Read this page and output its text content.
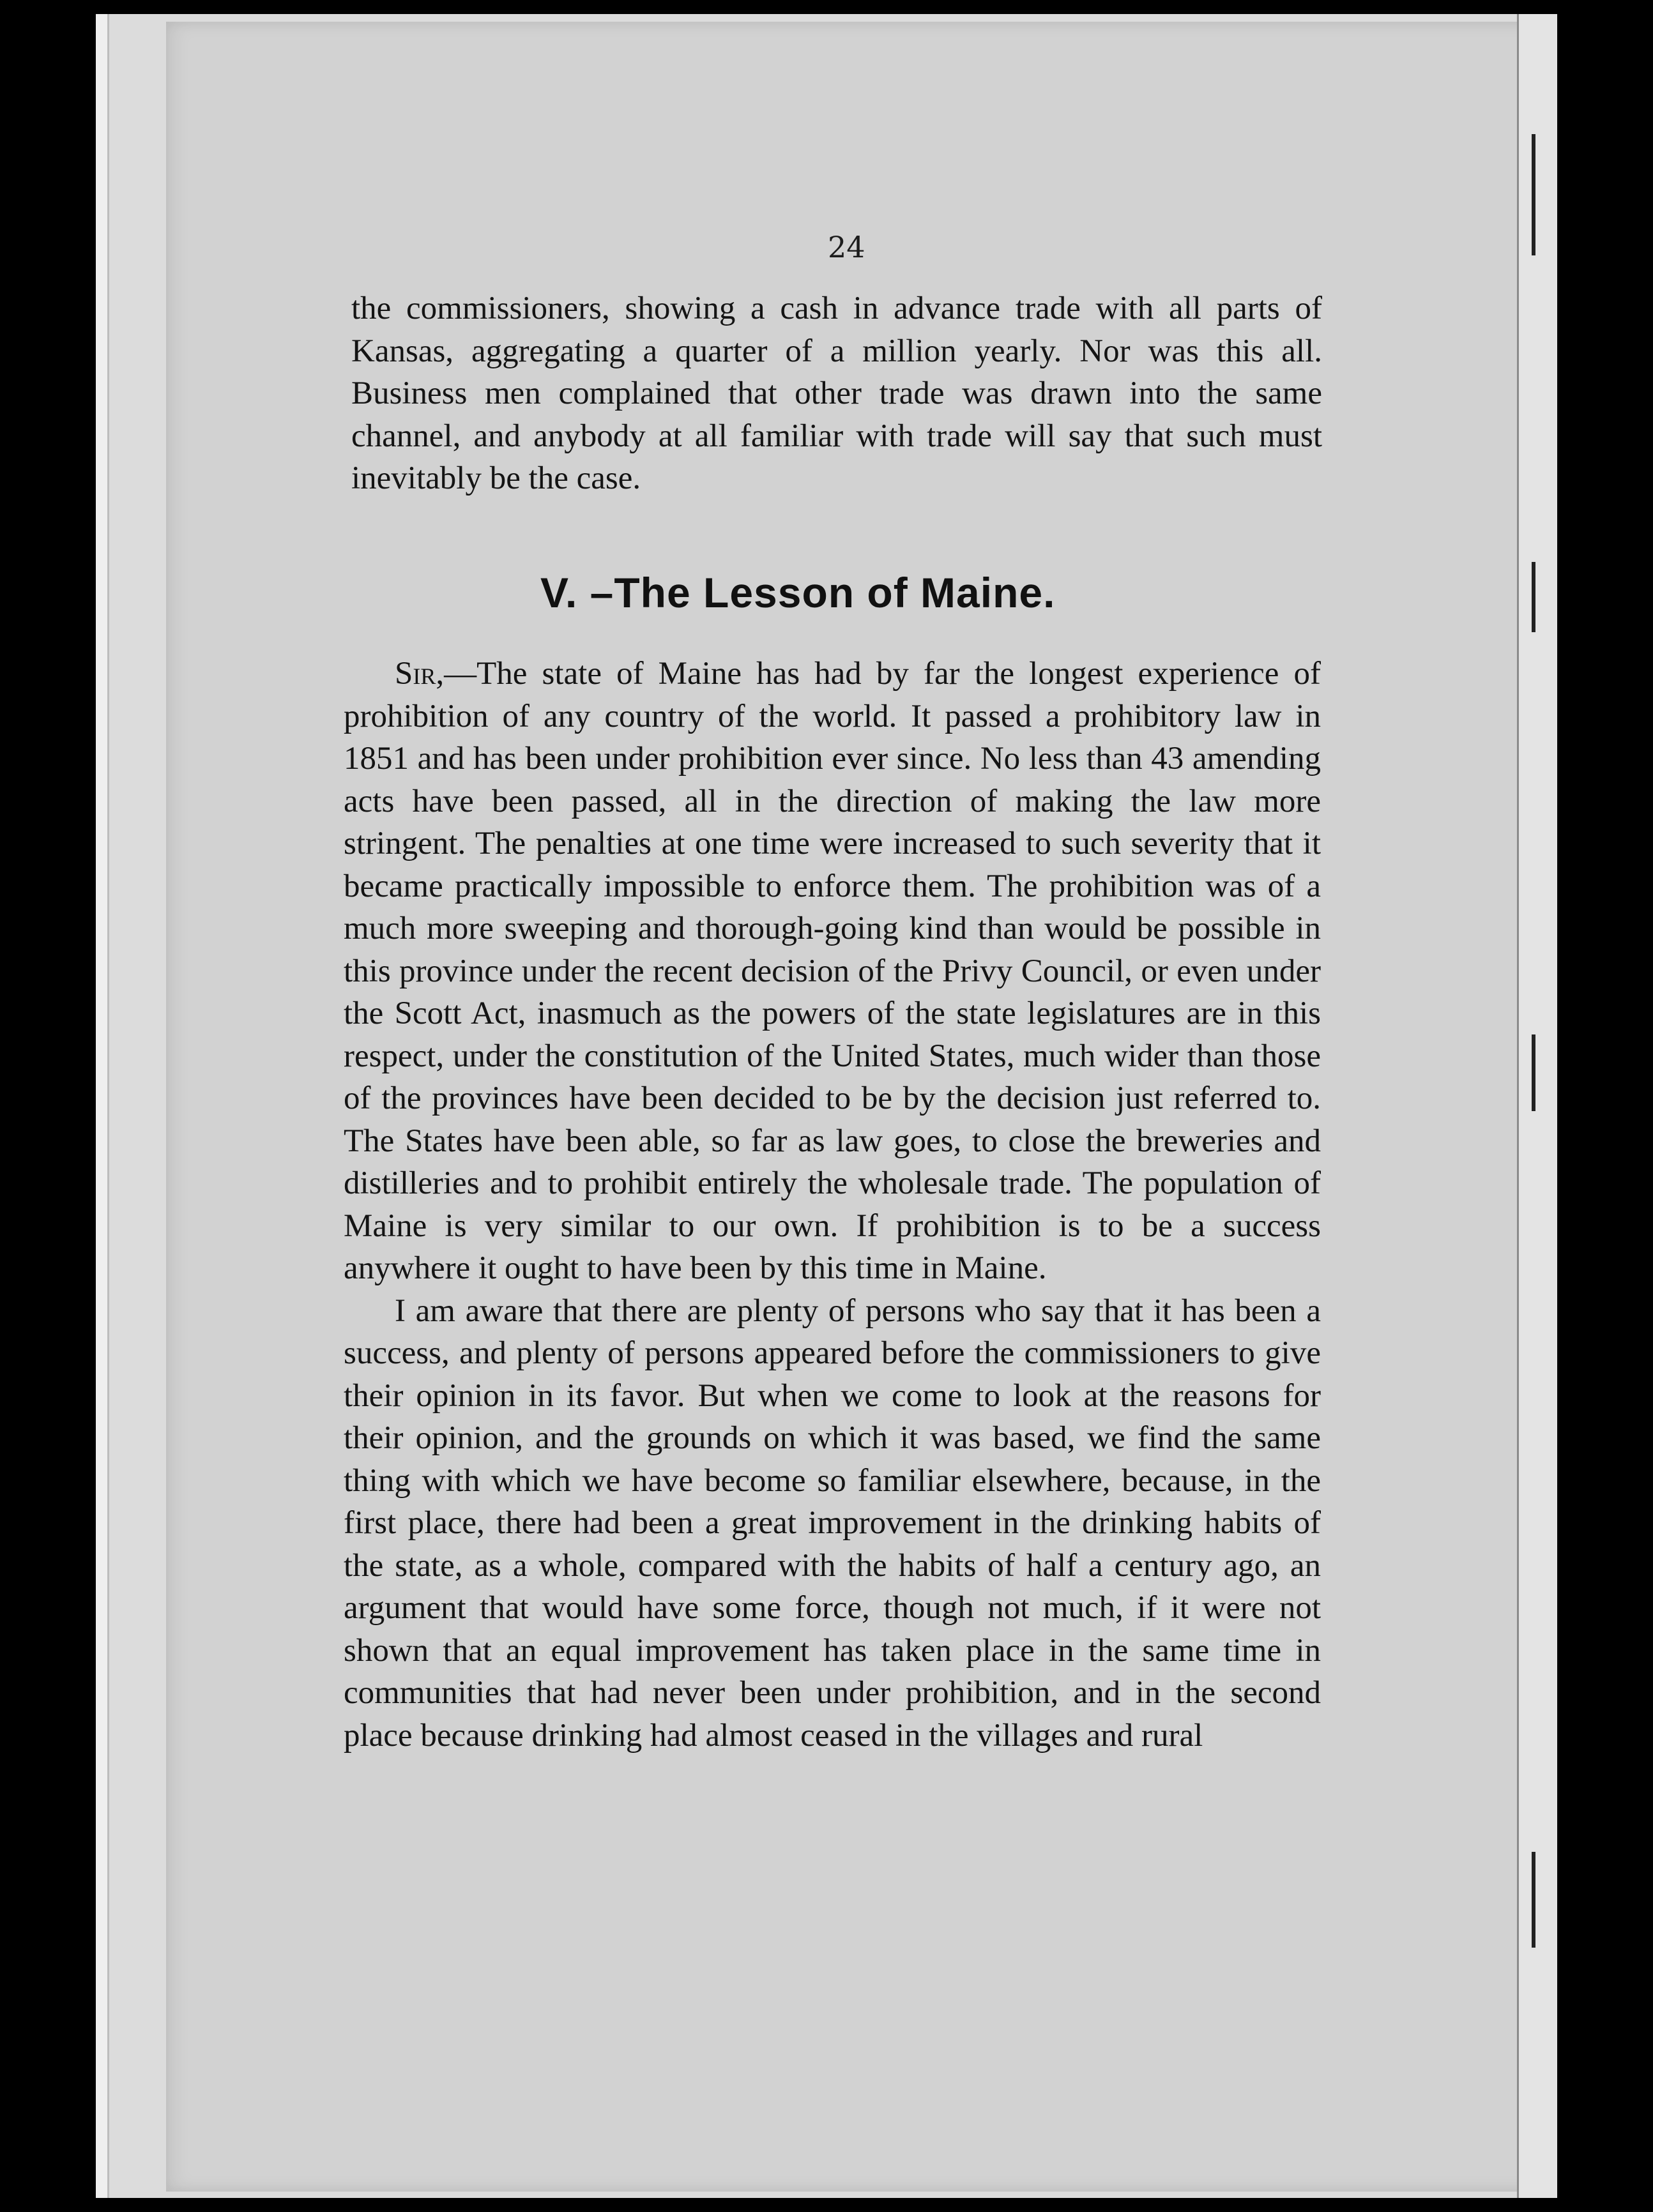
24

the commissioners, showing a cash in advance trade with all parts of Kansas, aggregating a quarter of a million yearly. Nor was this all. Business men complained that other trade was drawn into the same channel, and anybody at all familiar with trade will say that such must inevitably be the case.

V. –The Lesson of Maine.

Sir,—The state of Maine has had by far the longest experience of prohibition of any country of the world. It passed a prohibitory law in 1851 and has been under prohibition ever since. No less than 43 amending acts have been passed, all in the direction of making the law more stringent. The penalties at one time were increased to such severity that it became practically impossible to enforce them. The prohibition was of a much more sweeping and thorough-going kind than would be possible in this province under the recent decision of the Privy Council, or even under the Scott Act, inasmuch as the powers of the state legislatures are in this respect, under the constitution of the United States, much wider than those of the provinces have been decided to be by the decision just referred to. The States have been able, so far as law goes, to close the breweries and distilleries and to prohibit entirely the wholesale trade. The population of Maine is very similar to our own. If prohibition is to be a success anywhere it ought to have been by this time in Maine.

I am aware that there are plenty of persons who say that it has been a success, and plenty of persons appeared before the commissioners to give their opinion in its favor. But when we come to look at the reasons for their opinion, and the grounds on which it was based, we find the same thing with which we have become so familiar elsewhere, because, in the first place, there had been a great improvement in the drinking habits of the state, as a whole, compared with the habits of half a century ago, an argument that would have some force, though not much, if it were not shown that an equal improvement has taken place in the same time in communities that had never been under prohibition, and in the second place because drinking had almost ceased in the villages and rural
